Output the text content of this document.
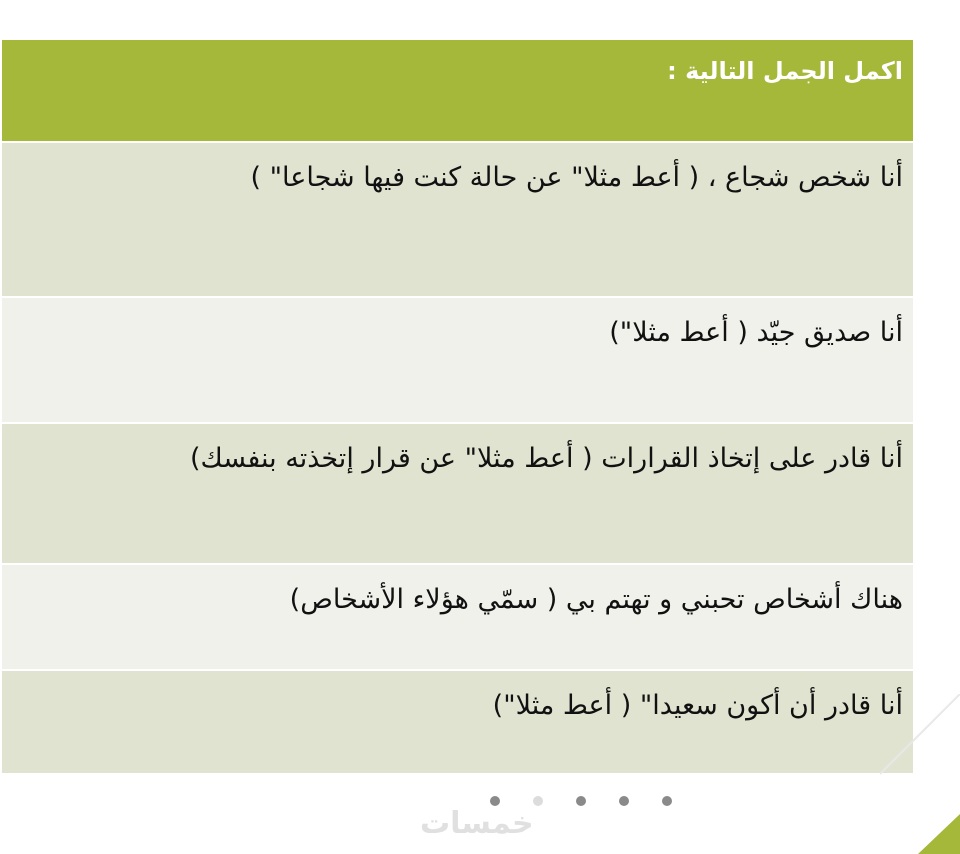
اكمل الجمل التالية :
أنا شخص شجاع ، ( أعط مثلا" عن حالة كنت فيها شجاعا" )
أنا صديق جيّد ( أعط مثلا")
أنا قادر على إتخاذ القرارات ( أعط مثلا" عن قرار إتخذته بنفسك)
هناك أشخاص تحبني و تهتم بي ( سمّي هؤلاء الأشخاص)
أنا قادر أن أكون سعيدا" ( أعط مثلا")
خمسات
